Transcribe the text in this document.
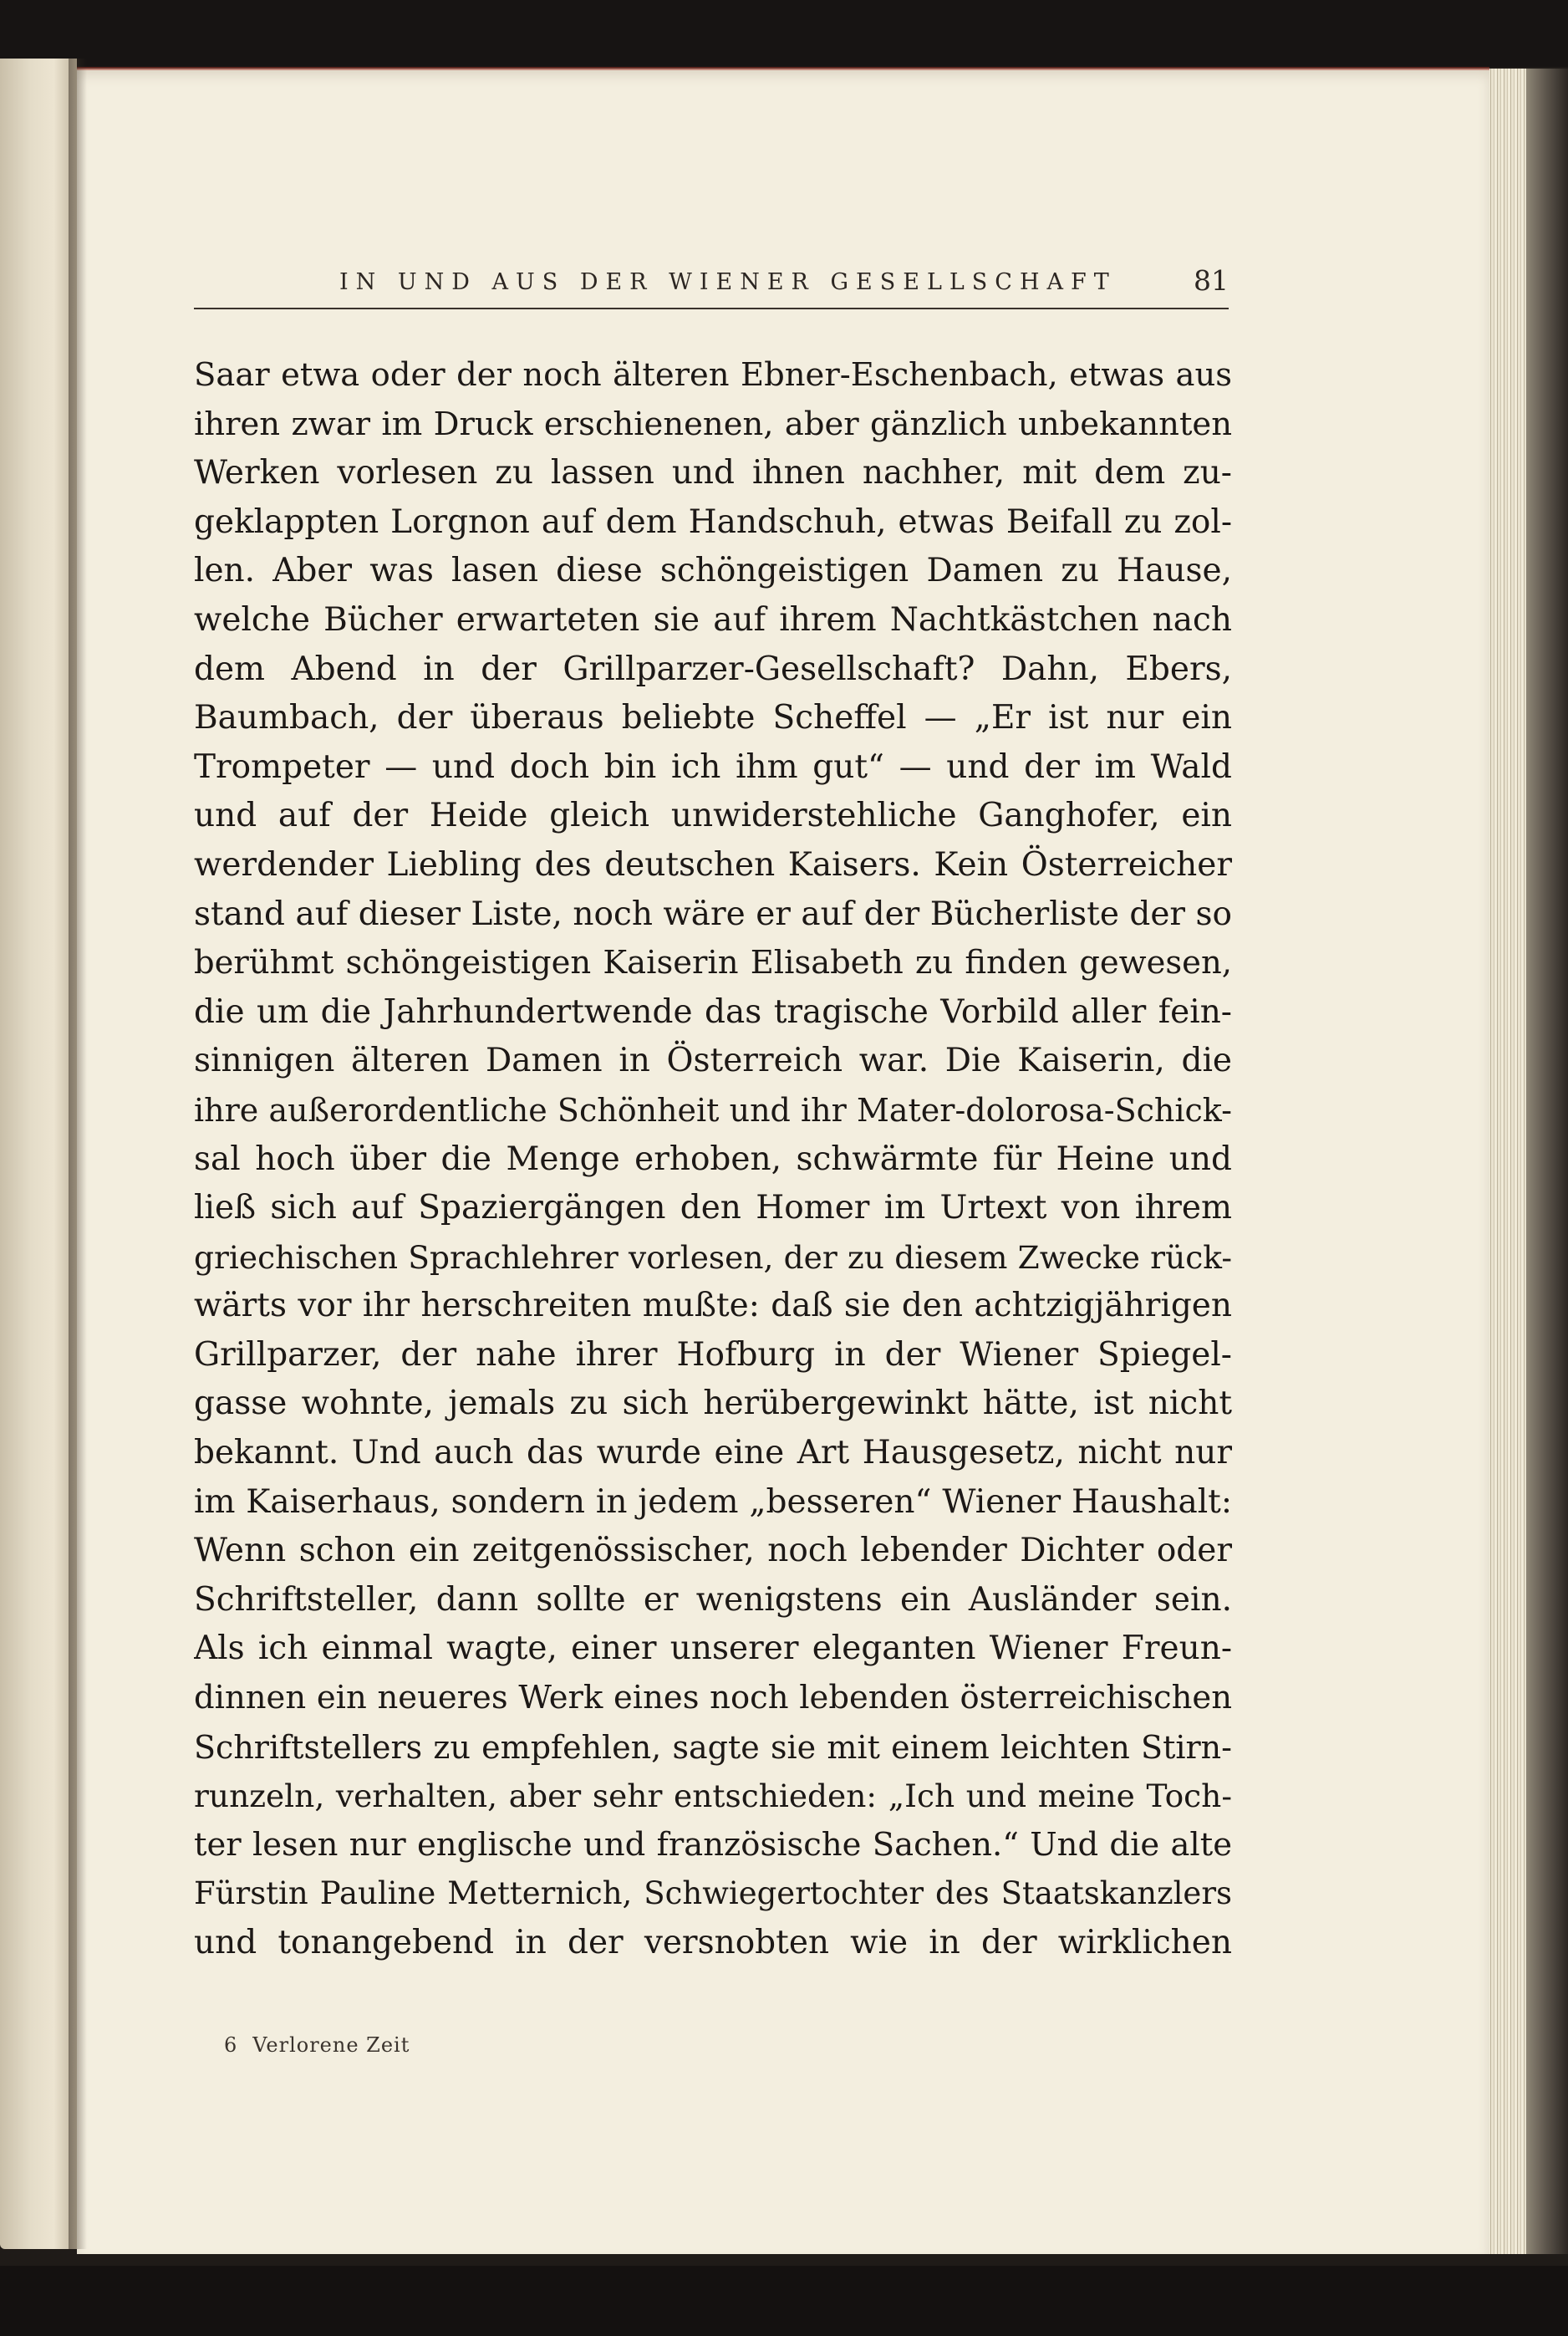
IN UND AUS DER WIENER GESELLSCHAFT	81
Saar etwa oder der noch älteren Ebner-Eschenbach, etwas aus
ihren zwar im Druck erschienenen, aber gänzlich unbekannten
Werken vorlesen zu lassen und ihnen nachher, mit dem zu-
geklappten Lorgnon auf dem Handschuh, etwas Beifall zu zol-
len. Aber was lasen diese schöngeistigen Damen zu Hause,
welche Bücher erwarteten sie auf ihrem Nachtkästchen nach
dem Abend in der Grillparzer-Gesellschaft? Dahn, Ebers,
Baumbach, der überaus beliebte Scheffel — „Er ist nur ein
Trompeter — und doch bin ich ihm gut“ — und der im Wald
und auf der Heide gleich unwiderstehliche Ganghofer, ein
werdender Liebling des deutschen Kaisers. Kein Österreicher
stand auf dieser Liste, noch wäre er auf der Bücherliste der so
berühmt schöngeistigen Kaiserin Elisabeth zu finden gewesen,
die um die Jahrhundertwende das tragische Vorbild aller fein-
sinnigen älteren Damen in Österreich war. Die Kaiserin, die
ihre außerordentliche Schönheit und ihr Mater-dolorosa-Schick-
sal hoch über die Menge erhoben, schwärmte für Heine und
ließ sich auf Spaziergängen den Homer im Urtext von ihrem
griechischen Sprachlehrer vorlesen, der zu diesem Zwecke rück-
wärts vor ihr herschreiten mußte: daß sie den achtzigjährigen
Grillparzer, der nahe ihrer Hofburg in der Wiener Spiegel-
gasse wohnte, jemals zu sich herübergewinkt hätte, ist nicht
bekannt. Und auch das wurde eine Art Hausgesetz, nicht nur
im Kaiserhaus, sondern in jedem „besseren“ Wiener Haushalt:
Wenn schon ein zeitgenössischer, noch lebender Dichter oder
Schriftsteller, dann sollte er wenigstens ein Ausländer sein.
Als ich einmal wagte, einer unserer eleganten Wiener Freun-
dinnen ein neueres Werk eines noch lebenden österreichischen
Schriftstellers zu empfehlen, sagte sie mit einem leichten Stirn-
runzeln, verhalten, aber sehr entschieden: „Ich und meine Toch-
ter lesen nur englische und französische Sachen.“ Und die alte
Fürstin Pauline Metternich, Schwiegertochter des Staatskanzlers
und tonangebend in der versnobten wie in der wirklichen
6 Verlorene Zeit
